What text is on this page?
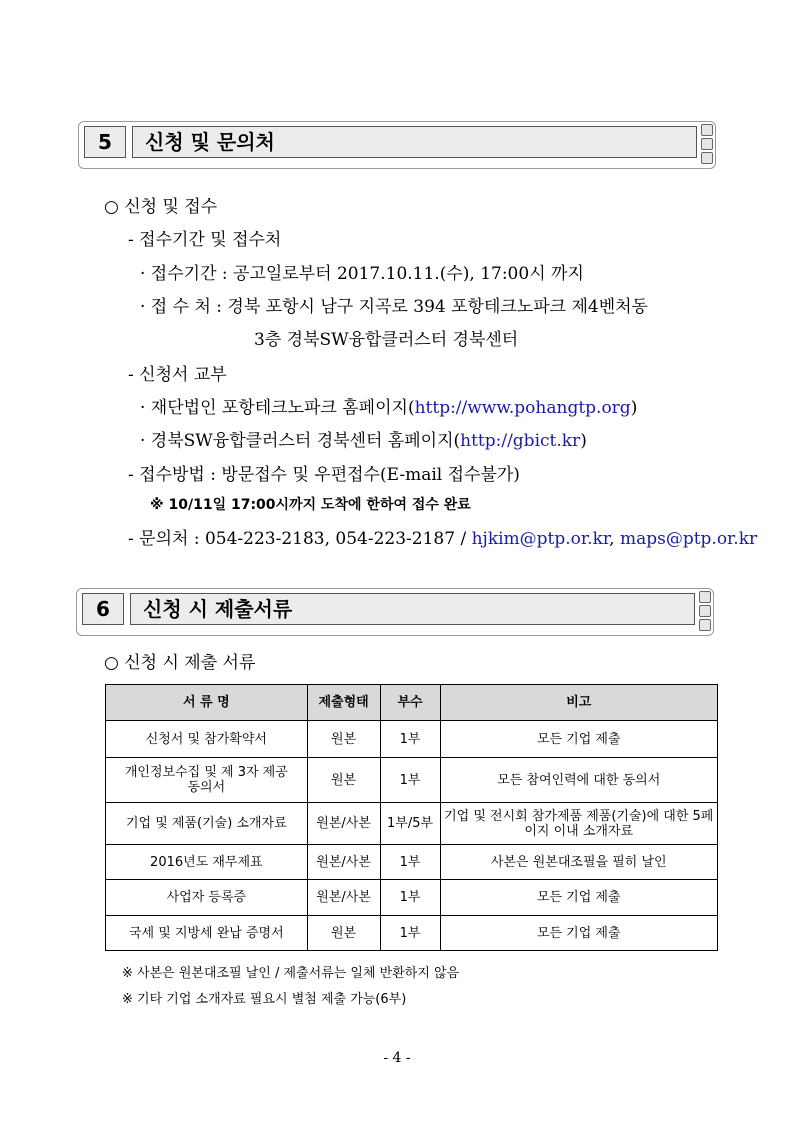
5	신청 및 문의처
○ 신청 및 접수
- 접수기간 및 접수처
· 접수기간 : 공고일로부터 2017.10.11.(수), 17:00시 까지
· 접 수 처 : 경북 포항시 남구 지곡로 394 포항테크노파크 제4벤처동
3층 경북SW융합클러스터 경북센터
- 신청서 교부
· 재단법인 포항테크노파크 홈페이지(http://www.pohangtp.org)
· 경북SW융합클러스터 경북센터 홈페이지(http://gbict.kr)
- 접수방법 : 방문접수 및 우편접수(E-mail 접수불가)
※ 10/11일 17:00시까지 도착에 한하여 접수 완료
- 문의처 : 054-223-2183, 054-223-2187 / hjkim@ptp.or.kr, maps@ptp.or.kr
6	신청 시 제출서류
○ 신청 시 제출 서류
서 류 명	제출형태	부수	비고
신청서 및 참가확약서	원본	1부	모든 기업 제출
개인정보수집 및 제 3자 제공동의서	원본	1부	모든 참여인력에 대한 동의서
기업 및 제품(기술) 소개자료	원본/사본	1부/5부	기업 및 전시회 참가제품 제품(기술)에 대한 5페이지 이내 소개자료
2016년도 재무제표	원본/사본	1부	사본은 원본대조필을 필히 날인
사업자 등록증	원본/사본	1부	모든 기업 제출
국세 및 지방세 완납 증명서	원본	1부	모든 기업 제출
※ 사본은 원본대조필 날인 / 제출서류는 일체 반환하지 않음
※ 기타 기업 소개자료 필요시 별첨 제출 가능(6부)
- 4 -
